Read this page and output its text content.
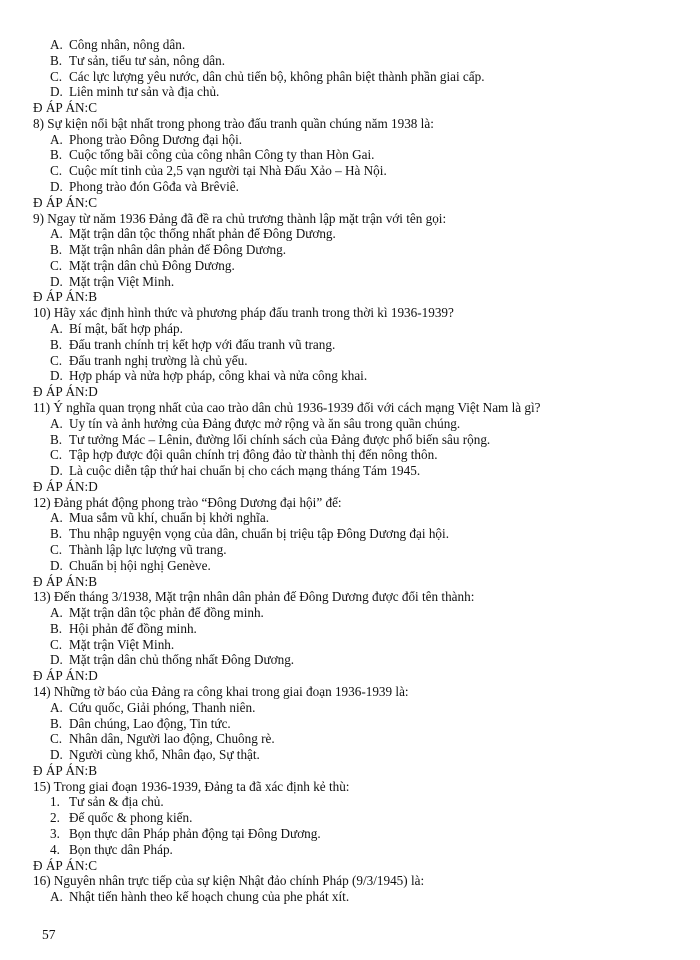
A. Công nhân, nông dân.
B. Tư sản, tiểu tư sản, nông dân.
C. Các lực lượng yêu nước, dân chủ tiến bộ, không phân biệt thành phần giai cấp.
D. Liên minh tư sản và địa chủ.
Đ ÁP ÁN:C
8) Sự kiện nổi bật nhất trong phong trào đấu tranh quần chúng năm 1938 là:
A. Phong trào Đông Dương đại hội.
B. Cuộc tổng bãi công của công nhân Công ty than Hòn Gai.
C. Cuộc mít tinh của 2,5 vạn người tại Nhà Đấu Xảo – Hà Nội.
D. Phong trào đón Gôđa và Brêviê.
Đ ÁP ÁN:C
9) Ngay từ năm 1936 Đảng đã đề ra chủ trương thành lập mặt trận với tên gọi:
A. Mặt trận dân tộc thống nhất phản đế Đông Dương.
B. Mặt trận nhân dân phản đế Đông Dương.
C. Mặt trận dân chủ Đông Dương.
D. Mặt trận Việt Minh.
Đ ÁP ÁN:B
10) Hãy xác định hình thức và phương pháp đấu tranh trong thời kì 1936-1939?
A. Bí mật, bất hợp pháp.
B. Đấu tranh chính trị kết hợp với đấu tranh vũ trang.
C. Đấu tranh nghị trường là chủ yếu.
D. Hợp pháp và nửa hợp pháp, công khai và nửa công khai.
Đ ÁP ÁN:D
11) Ý nghĩa quan trọng nhất của cao trào dân chủ 1936-1939 đối với cách mạng Việt Nam là gì?
A. Uy tín và ảnh hưởng của Đảng được mở rộng và ăn sâu trong quần chúng.
B. Tư tưởng Mác – Lênin, đường lối chính sách của Đảng được phổ biến sâu rộng.
C. Tập hợp được đội quân chính trị đông đảo từ thành thị đến nông thôn.
D. Là cuộc diễn tập thứ hai chuẩn bị cho cách mạng tháng Tám 1945.
Đ ÁP ÁN:D
12) Đảng phát động phong trào “Đông Dương đại hội” để:
A. Mua sắm vũ khí, chuẩn bị khởi nghĩa.
B. Thu nhập nguyện vọng của dân, chuẩn bị triệu tập Đông Dương đại hội.
C. Thành lập lực lượng vũ trang.
D. Chuẩn bị hội nghị Genève.
Đ ÁP ÁN:B
13) Đến tháng 3/1938, Mặt trận nhân dân phản đế Đông Dương được đổi tên thành:
A. Mặt trận dân tộc phản đế đồng minh.
B. Hội phản đế đồng minh.
C. Mặt trận Việt Minh.
D. Mặt trận dân chủ thống nhất Đông Dương.
Đ ÁP ÁN:D
14) Những tờ báo của Đảng ra công khai trong giai đoạn 1936-1939 là:
A. Cứu quốc, Giải phóng, Thanh niên.
B. Dân chúng, Lao động, Tin tức.
C. Nhân dân, Người lao động, Chuông rè.
D. Người cùng khổ, Nhân đạo, Sự thật.
Đ ÁP ÁN:B
15) Trong giai đoạn 1936-1939, Đảng ta đã xác định kẻ thù:
1. Tư sản & địa chủ.
2. Đế quốc & phong kiến.
3. Bọn thực dân Pháp phản động tại Đông Dương.
4. Bọn thực dân Pháp.
Đ ÁP ÁN:C
16) Nguyên nhân trực tiếp của sự kiện Nhật đảo chính Pháp (9/3/1945) là:
A. Nhật tiến hành theo kế hoạch chung của phe phát xít.
57
